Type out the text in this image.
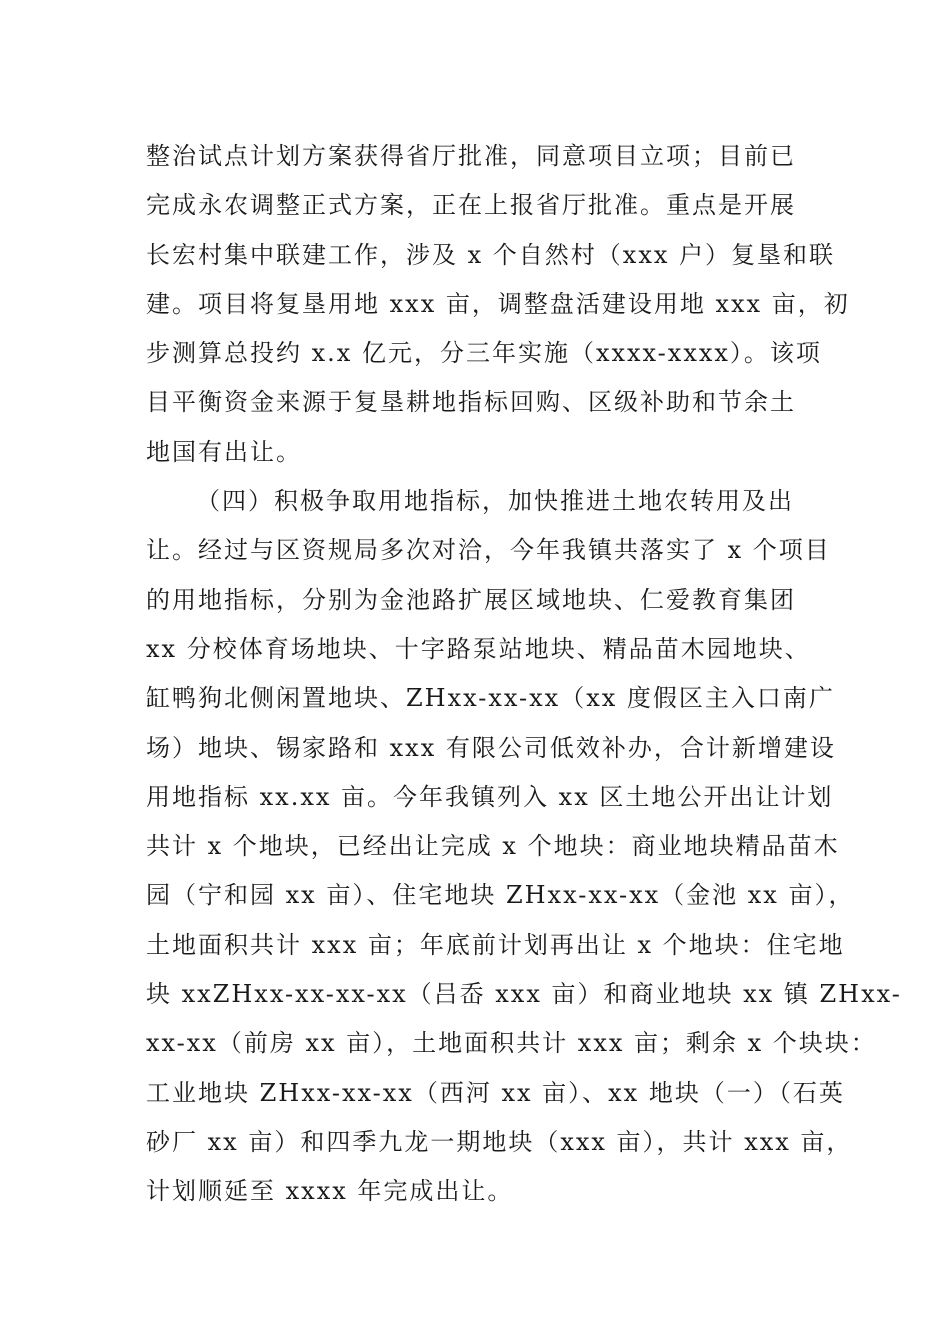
整治试点计划方案获得省厅批准，同意项目立项；目前已
完成永农调整正式方案，正在上报省厅批准。重点是开展
长宏村集中联建工作，涉及 x 个自然村（xxx 户）复垦和联
建。项目将复垦用地 xxx 亩，调整盘活建设用地 xxx 亩，初
步测算总投约 x.x 亿元，分三年实施（xxxx-xxxx）。该项
目平衡资金来源于复垦耕地指标回购、区级补助和节余土
地国有出让。
（四）积极争取用地指标，加快推进土地农转用及出
让。经过与区资规局多次对洽，今年我镇共落实了 x 个项目
的用地指标，分别为金池路扩展区域地块、仁爱教育集团
xx 分校体育场地块、十字路泵站地块、精品苗木园地块、
缸鸭狗北侧闲置地块、ZHxx-xx-xx（xx 度假区主入口南广
场）地块、锡家路和 xxx 有限公司低效补办，合计新增建设
用地指标 xx.xx 亩。今年我镇列入 xx 区土地公开出让计划
共计 x 个地块，已经出让完成 x 个地块：商业地块精品苗木
园（宁和园 xx 亩）、住宅地块 ZHxx-xx-xx（金池 xx 亩），
土地面积共计 xxx 亩；年底前计划再出让 x 个地块：住宅地
块 xxZHxx-xx-xx-xx（吕岙 xxx 亩）和商业地块 xx 镇 ZHxx-
xx-xx（前房 xx 亩），土地面积共计 xxx 亩；剩余 x 个块块：
工业地块 ZHxx-xx-xx（西河 xx 亩）、xx 地块（一）（石英
砂厂 xx 亩）和四季九龙一期地块（xxx 亩），共计 xxx 亩，
计划顺延至 xxxx 年完成出让。
